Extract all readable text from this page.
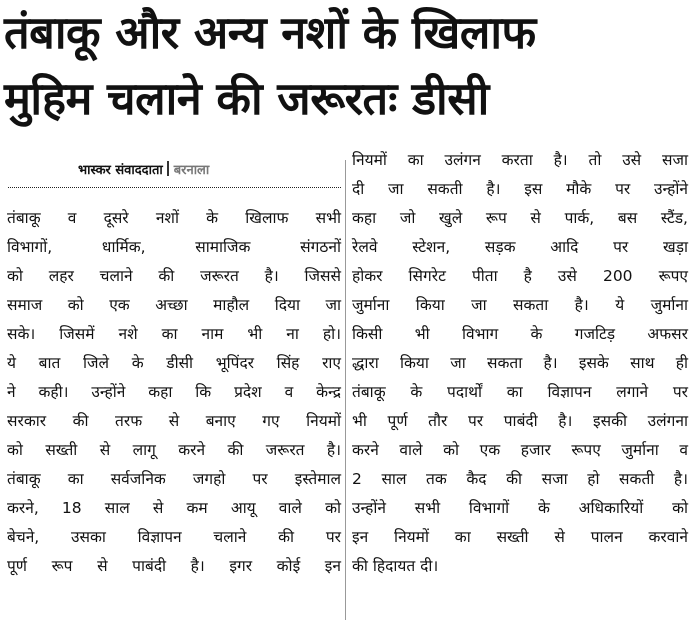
तंबाकू और अन्य नशों के खिलाफ
मुहिम चलाने की जरूरतः डीसी
भास्कर संवाददाता बरनाला
तंबाकू व दूसरे नशों के खिलाफ सभी
विभागों, धार्मिक, सामाजिक संगठनों
को लहर चलाने की जरूरत है। जिससे
समाज को एक अच्छा माहौल दिया जा
सके। जिसमें नशे का नाम भी ना हो।
ये बात जिले के डीसी भूपिंदर सिंह राए
ने कही। उन्होंने कहा कि प्रदेश व केन्द्र
सरकार की तरफ से बनाए गए नियमों
को सख्ती से लागू करने की जरूरत है।
तंबाकू का सर्वजनिक जगहो पर इस्तेमाल
करने, 18 साल से कम आयू वाले को
बेचने, उसका विज्ञापन चलाने की पर
पूर्ण रूप से पाबंदी है। इगर कोई इन
नियमों का उलंगन करता है। तो उसे सजा
दी जा सकती है। इस मौके पर उन्होंने
कहा जो खुले रूप से पार्क, बस स्टैंड,
रेलवे स्टेशन, सड़क आदि पर खड़ा
होकर सिगरेट पीता है उसे 200 रूपए
जुर्माना किया जा सकता है। ये जुर्माना
किसी भी विभाग के गजटिड़ अफसर
द्धारा किया जा सकता है। इसके साथ ही
तंबाकू के पदार्थों का विज्ञापन लगाने पर
भी पूर्ण तौर पर पाबंदी है। इसकी उलंगना
करने वाले को एक हजार रूपए जुर्माना व
2 साल तक कैद की सजा हो सकती है।
उन्होंने सभी विभागों के अधिकारियों को
इन नियमों का सख्ती से पालन करवाने
की हिदायत दी।
